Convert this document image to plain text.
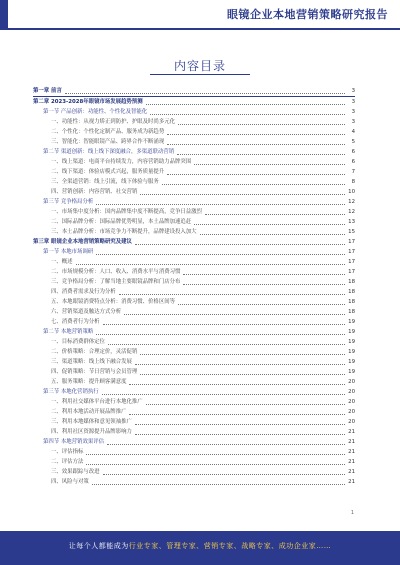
眼镜企业本地营销策略研究报告
内容目录
第一章 前言	3
第二章 2023-2028年眼镜市场发展趋势预测	3
第一节 产品创新：功能性、个性化及智能化	3
一、功能性：从视力矫正到防护、护眼及时尚多元化	3
二、个性化：个性化定制产品、服务成为新趋势	4
三、智能化：智能眼镜产品、跨界合作不断涌现	5
第二节 渠道创新：线上线下深度融合，多渠道联动营销	6
一、线上渠道：电商平台持续发力，内容营销助力品牌突围	6
二、线下渠道：体验店模式兴起，服务质量提升	7
三、全渠道营销：线上引流，线下体验与服务	8
四、营销创新：内容营销、社交营销	10
第三节 竞争格局分析	12
一、市场集中度分析：国内品牌集中度不断提高，竞争日益激烈	12
二、国际品牌分析：国际品牌优势明显，本土品牌加速追赶	13
三、本土品牌分析：市场竞争力不断提升，品牌建设投入加大	15
第三章 眼镜企业本地营销策略研究及建议	17
第一节 本地市场调研	17
一、概述	17
二、市场规模分析：人口、收入、消费水平与消费习惯	17
三、竞争格局分析：了解当地主要眼镜品牌和门店分布	18
四、消费者需求及行为分析	18
五、本地眼镜消费特点分析：消费习惯、价格区间等	18
六、营销渠道及触达方式分析	18
七、消费者行为分析	19
第二节 本地营销策略	19
一、目标消费群体定位	19
二、价格策略：合理定价，灵活促销	19
三、渠道策略：线上线下融合发展	19
四、促销策略：节日营销与会员管理	19
五、服务策略：提升顾客满意度	20
第三节 本地化营销执行	20
一、利用社交媒体平台进行本地化推广	20
二、利用本地活动开展品牌推广	20
三、利用本地媒体和意见领袖推广	20
四、利用社区资源提升品牌影响力	21
第四节 本地营销效果评估	21
一、评估指标	21
二、评估方法	21
三、效果跟踪与改进	21
四、风险与对策	21
1
让每个人都能成为行业专家、管理专家、营销专家、战略专家、成功企业家……
